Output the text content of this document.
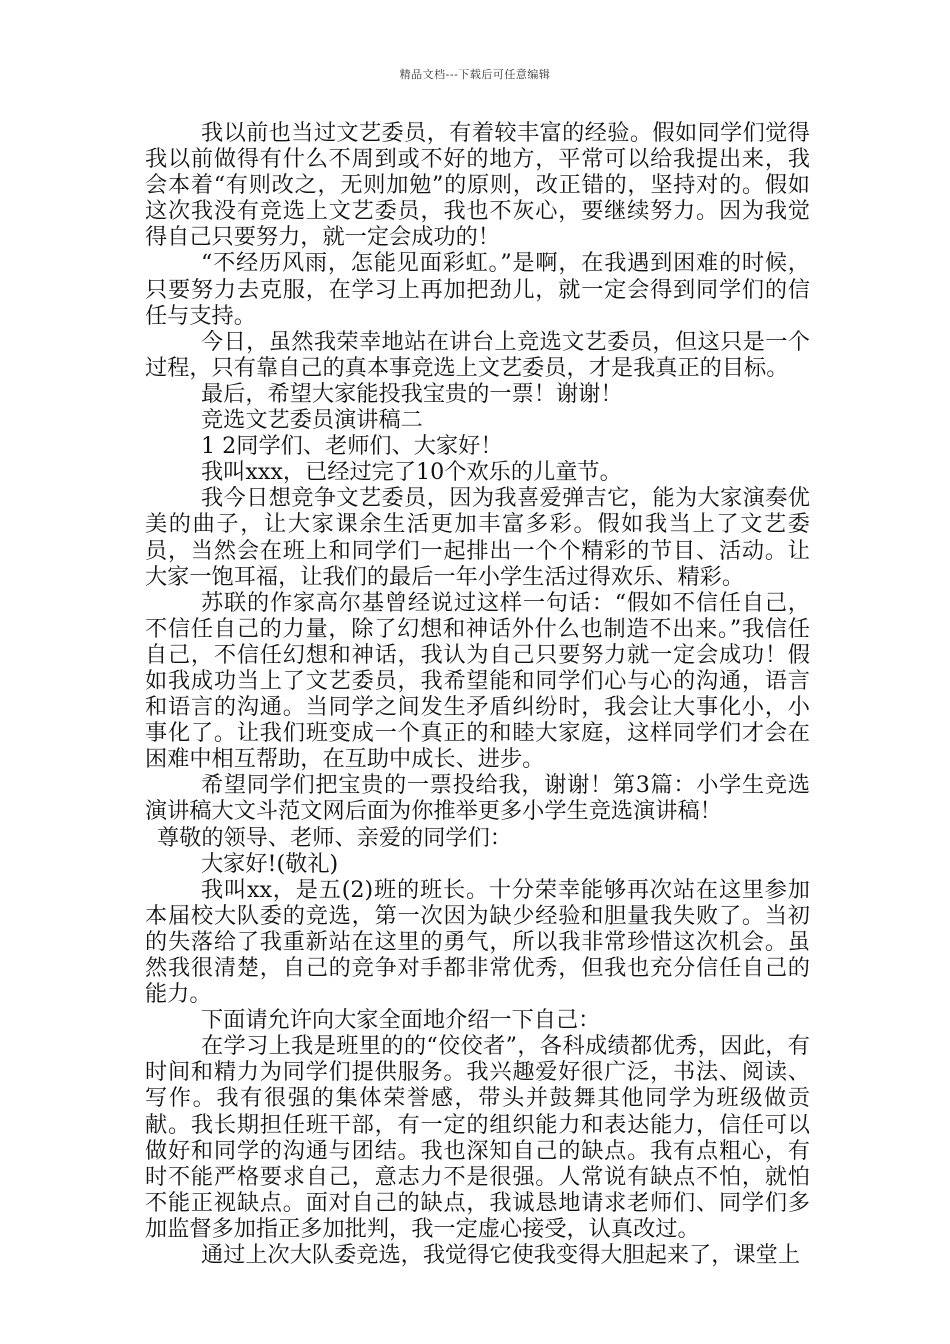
精品文档---下载后可任意编辑

我以前也当过文艺委员，有着较丰富的经验。假如同学们觉得我以前做得有什么不周到或不好的地方，平常可以给我提出来，我会本着“有则改之，无则加勉”的原则，改正错的，坚持对的。假如这次我没有竞选上文艺委员，我也不灰心，要继续努力。因为我觉得自己只要努力，就一定会成功的！

“不经历风雨，怎能见面彩虹。”是啊，在我遇到困难的时候，只要努力去克服，在学习上再加把劲儿，就一定会得到同学们的信任与支持。

今日，虽然我荣幸地站在讲台上竞选文艺委员，但这只是一个过程，只有靠自己的真本事竞选上文艺委员，才是我真正的目标。

最后，希望大家能投我宝贵的一票！谢谢！

竞选文艺委员演讲稿二

1 2同学们、老师们、大家好！

我叫xxx，已经过完了10个欢乐的儿童节。

我今日想竞争文艺委员，因为我喜爱弹吉它，能为大家演奏优美的曲子，让大家课余生活更加丰富多彩。假如我当上了文艺委员，当然会在班上和同学们一起排出一个个精彩的节目、活动。让大家一饱耳福，让我们的最后一年小学生活过得欢乐、精彩。

苏联的作家高尔基曾经说过这样一句话：“假如不信任自己，不信任自己的力量，除了幻想和神话外什么也制造不出来。”我信任自己，不信任幻想和神话，我认为自己只要努力就一定会成功！假如我成功当上了文艺委员，我希望能和同学们心与心的沟通，语言和语言的沟通。当同学之间发生矛盾纠纷时，我会让大事化小，小事化了。让我们班变成一个真正的和睦大家庭，这样同学们才会在困难中相互帮助，在互助中成长、进步。

希望同学们把宝贵的一票投给我，谢谢！第3篇：小学生竞选演讲稿大文斗范文网后面为你推举更多小学生竞选演讲稿！

尊敬的领导、老师、亲爱的同学们：

大家好!(敬礼)

我叫xx，是五(2)班的班长。十分荣幸能够再次站在这里参加本届校大队委的竞选，第一次因为缺少经验和胆量我失败了。当初的失落给了我重新站在这里的勇气，所以我非常珍惜这次机会。虽然我很清楚，自己的竞争对手都非常优秀，但我也充分信任自己的能力。

下面请允许向大家全面地介绍一下自己：

在学习上我是班里的的“佼佼者”，各科成绩都优秀，因此，有时间和精力为同学们提供服务。我兴趣爱好很广泛，书法、阅读、写作。我有很强的集体荣誉感，带头并鼓舞其他同学为班级做贡献。我长期担任班干部，有一定的组织能力和表达能力，信任可以做好和同学的沟通与团结。我也深知自己的缺点。我有点粗心，有时不能严格要求自己，意志力不是很强。人常说有缺点不怕，就怕不能正视缺点。面对自己的缺点，我诚恳地请求老师们、同学们多加监督多加指正多加批判，我一定虚心接受，认真改过。

通过上次大队委竞选，我觉得它使我变得大胆起来了，课堂上
